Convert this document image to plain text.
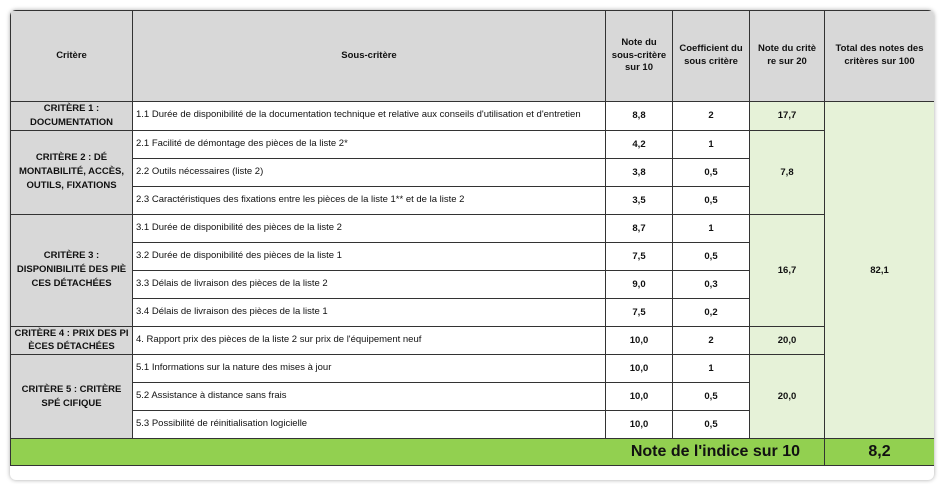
Critère	Sous-critère	Note du sous-critère sur 10	Coefficient du sous critère	Note du critè re sur 20	Total des notes des critères sur 100
CRITÈRE 1 : DOCUMENTATION	1.1 Durée de disponibilité de la documentation technique et relative aux conseils d'utilisation et d'entretien	8,8	2	17,7	82,1
CRITÈRE 2 : DÉ MONTABILITÉ, ACCÈS, OUTILS, FIXATIONS	2.1 Facilité de démontage des pièces de la liste 2*	4,2	1	7,8	
	2.2 Outils nécessaires (liste 2)	3,8	0,5		
	2.3 Caractéristiques des fixations entre les pièces de la liste 1** et de la liste 2	3,5	0,5		
CRITÈRE 3 : DISPONIBILITÉ DES PIÈ CES DÉTACHÉES	3.1 Durée de disponibilité des pièces de la liste 2	8,7	1	16,7	
	3.2 Durée de disponibilité des pièces de la liste 1	7,5	0,5		
	3.3 Délais de livraison des pièces de la liste 2	9,0	0,3		
	3.4 Délais de livraison des pièces de la liste 1	7,5	0,2		
CRITÈRE 4 : PRIX DES PI ÈCES DÉTACHÉES	4. Rapport prix des pièces de la liste 2 sur prix de l'équipement neuf	10,0	2	20,0	
CRITÈRE 5 : CRITÈRE SPÉ CIFIQUE	5.1 Informations sur la nature des mises à jour	10,0	1	20,0	
	5.2 Assistance à distance sans frais	10,0	0,5		
	5.3 Possibilité de réinitialisation logicielle	10,0	0,5		
Note de l'indice sur 10					8,2
